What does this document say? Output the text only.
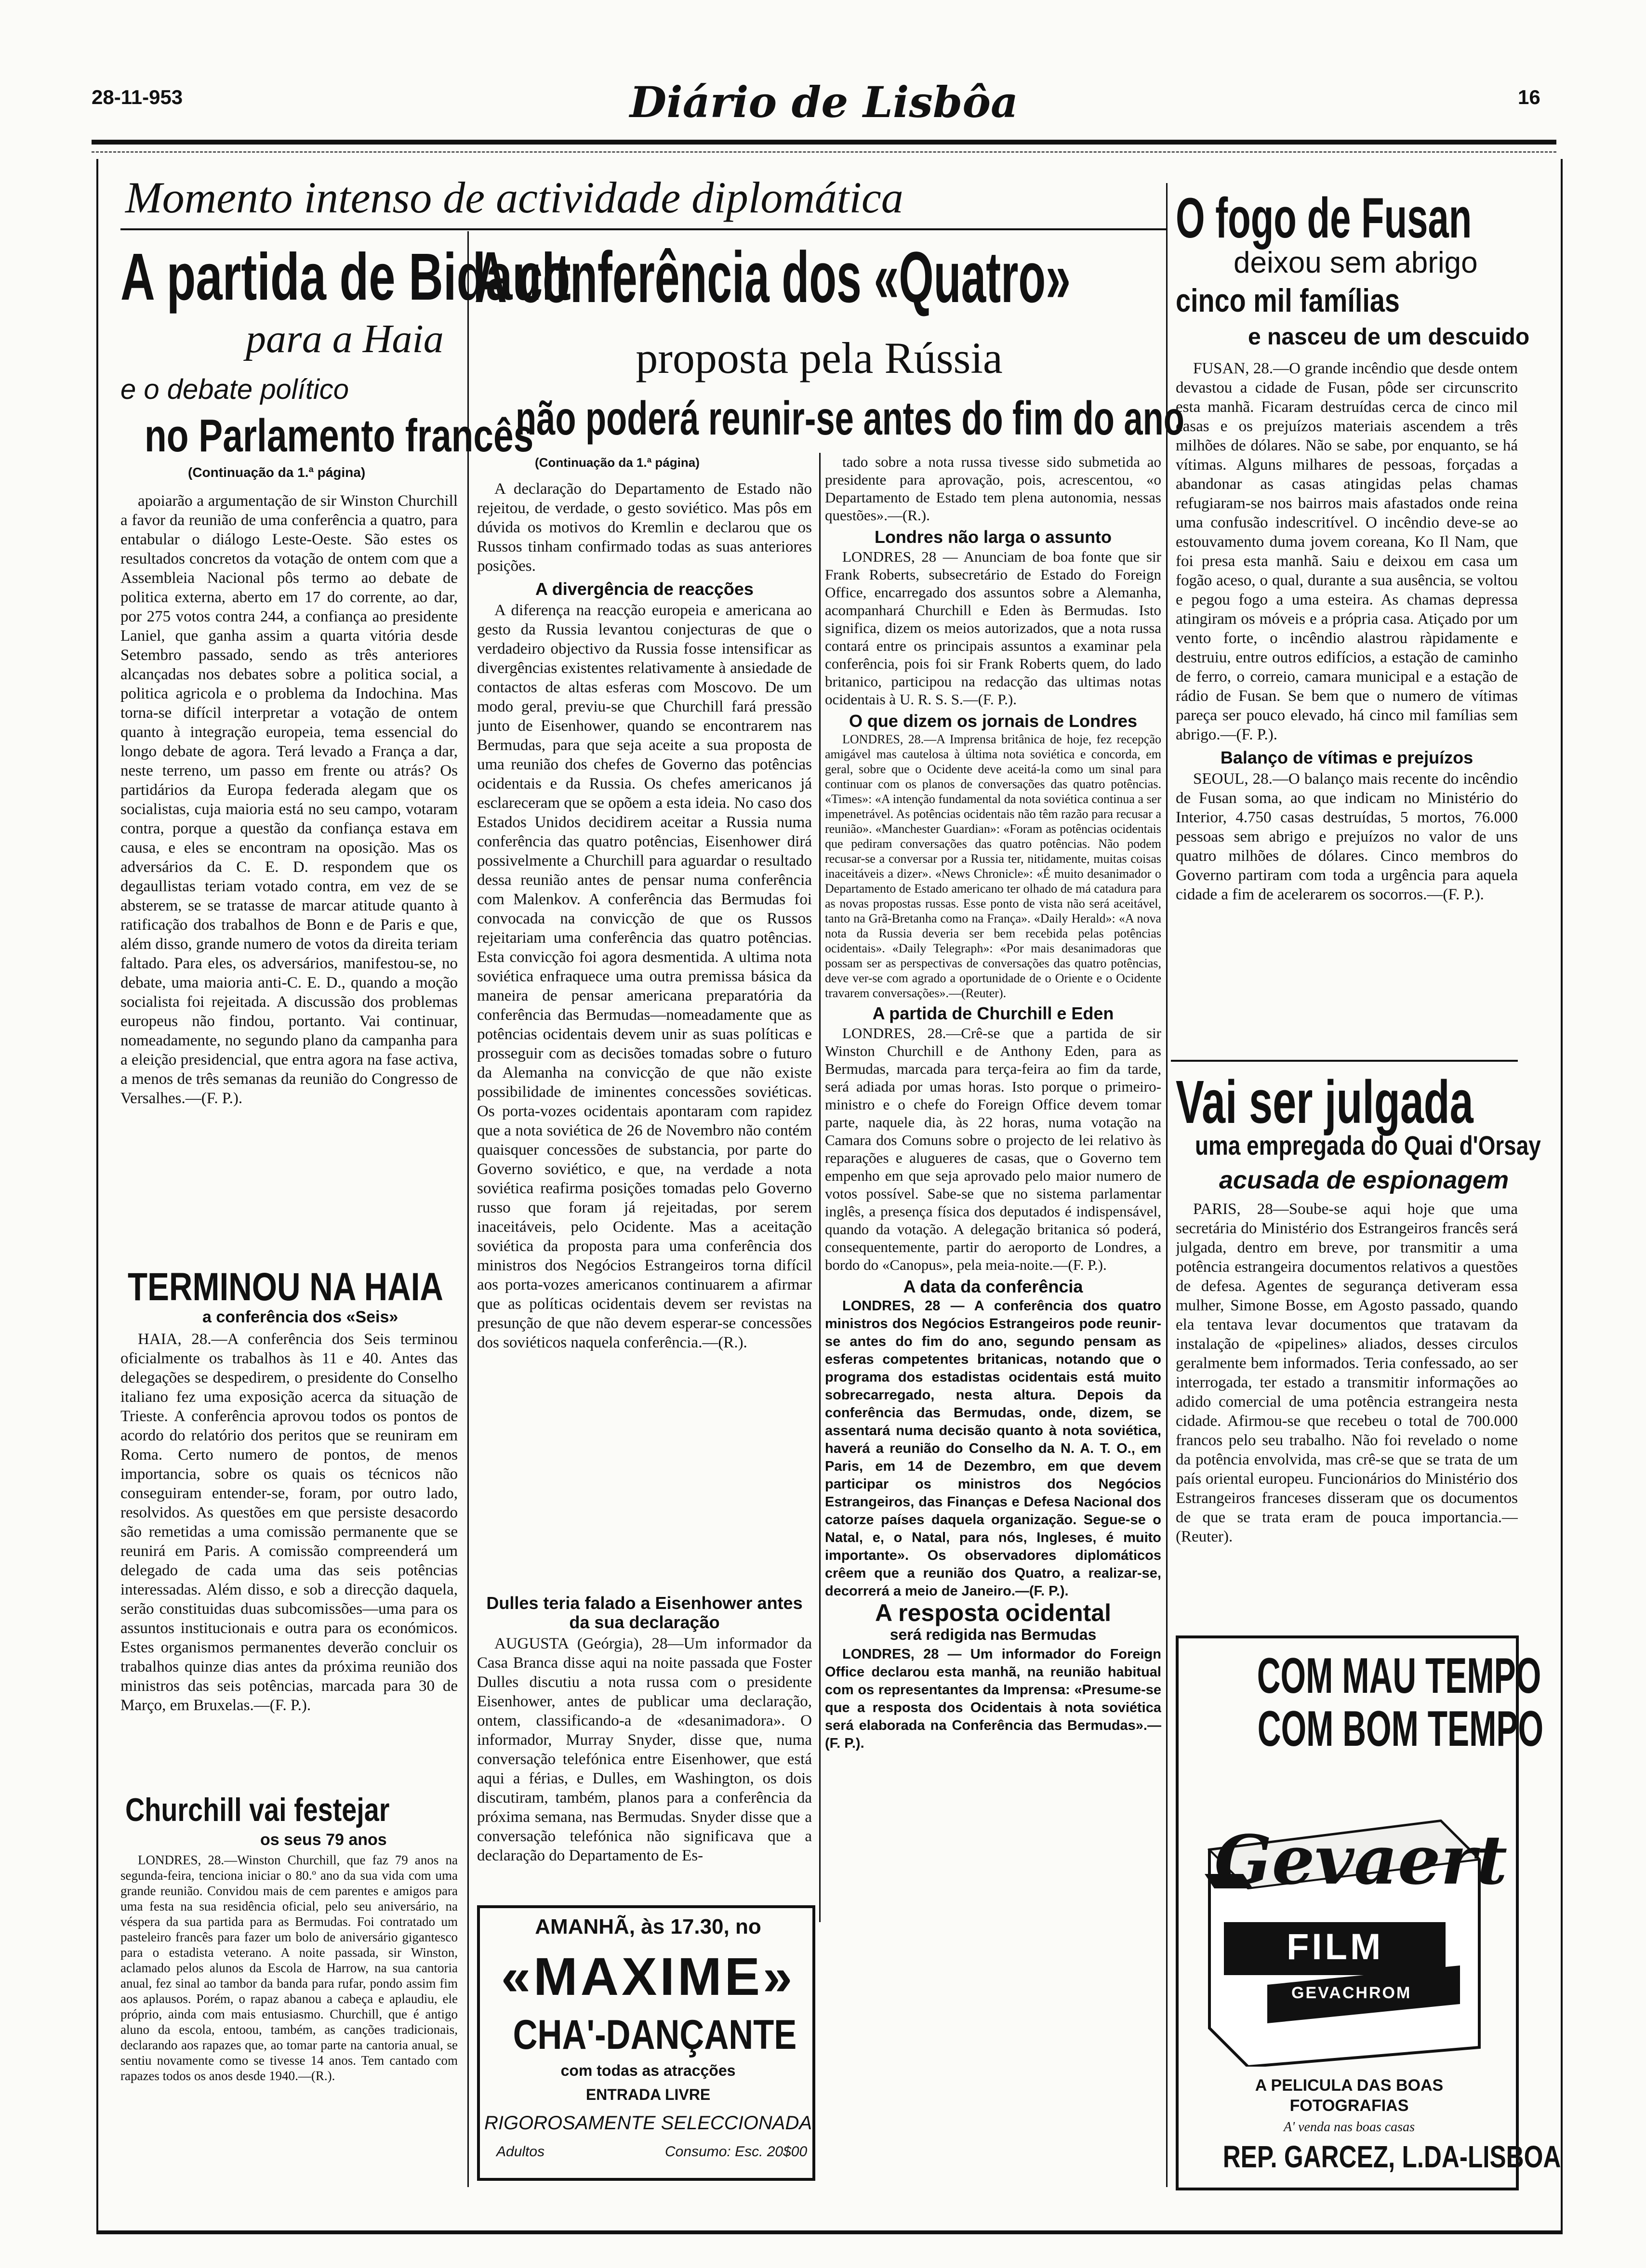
28-11-953	Diário de Lisbôa	16
Momento intenso de actividade diplomática
A partida de Bidault
para a Haia
e o debate político
no Parlamento francês
(Continuação da 1.ª página)

apoiarão a argumentação de sir Winston Churchill a favor da reunião de uma conferência a quatro, para entabular o diálogo Leste-Oeste. São estes os resultados concretos da votação de ontem com que a Assembleia Nacional pôs termo ao debate de politica externa, aberto em 17 do corrente, ao dar, por 275 votos contra 244, a confiança ao presidente Laniel, que ganha assim a quarta vitória desde Setembro passado, sendo as três anteriores alcançadas nos debates sobre a politica social, a politica agricola e o problema da Indochina. Mas torna-se difícil interpretar a votação de ontem quanto à integração europeia, tema essencial do longo debate de agora. Terá levado a França a dar, neste terreno, um passo em frente ou atrás? Os partidários da Europa federada alegam que os socialistas, cuja maioria está no seu campo, votaram contra, porque a questão da confiança estava em causa, e eles se encontram na oposição. Mas os adversários da C. E. D. respondem que os degaullistas teriam votado contra, em vez de se absterem, se se tratasse de marcar atitude quanto à ratificação dos trabalhos de Bonn e de Paris e que, além disso, grande numero de votos da direita teriam faltado. Para eles, os adversários, manifestou-se, no debate, uma maioria anti-C. E. D., quando a moção socialista foi rejeitada. A discussão dos problemas europeus não findou, portanto. Vai continuar, nomeadamente, no segundo plano da campanha para a eleição presidencial, que entra agora na fase activa, a menos de três semanas da reunião do Congresso de Versalhes.—(F. P.).

TERMINOU NA HAIA
a conferência dos «Seis»

HAIA, 28.—A conferência dos Seis terminou oficialmente os trabalhos às 11 e 40. Antes das delegações se despedirem, o presidente do Conselho italiano fez uma exposição acerca da situação de Trieste. A conferência aprovou todos os pontos de acordo do relatório dos peritos que se reuniram em Roma. Certo numero de pontos, de menos importancia, sobre os quais os técnicos não conseguiram entender-se, foram, por outro lado, resolvidos. As questões em que persiste desacordo são remetidas a uma comissão permanente que se reunirá em Paris. A comissão compreenderá um delegado de cada uma das seis potências interessadas. Além disso, e sob a direcção daquela, serão constituidas duas subcomissões—uma para os assuntos institucionais e outra para os económicos. Estes organismos permanentes deverão concluir os trabalhos quinze dias antes da próxima reunião dos ministros das seis potências, marcada para 30 de Março, em Bruxelas.—(F. P.).

Churchill vai festejar
os seus 79 anos

LONDRES, 28.—Winston Churchill, que faz 79 anos na segunda-feira, tenciona iniciar o 80.º ano da sua vida com uma grande reunião. Convidou mais de cem parentes e amigos para uma festa na sua residência oficial, pelo seu aniversário, na véspera da sua partida para as Bermudas. Foi contratado um pasteleiro francês para fazer um bolo de aniversário gigantesco para o estadista veterano. A noite passada, sir Winston, aclamado pelos alunos da Escola de Harrow, na sua cantoria anual, fez sinal ao tambor da banda para rufar, pondo assim fim aos aplausos. Porém, o rapaz abanou a cabeça e aplaudiu, ele próprio, ainda com mais entusiasmo. Churchill, que é antigo aluno da escola, entoou, também, as canções tradicionais, declarando aos rapazes que, ao tomar parte na cantoria anual, se sentiu novamente como se tivesse 14 anos. Tem cantado com rapazes todos os anos desde 1940.—(R.).

A conferência dos «Quatro»
proposta pela Rússia
não poderá reunir-se antes do fim do ano
(Continuação da 1.ª página)

A declaração do Departamento de Estado não rejeitou, de verdade, o gesto soviético. Mas pôs em dúvida os motivos do Kremlin e declarou que os Russos tinham confirmado todas as suas anteriores posições.

A divergência de reacções

A diferença na reacção europeia e americana ao gesto da Russia levantou conjecturas de que o verdadeiro objectivo da Russia fosse intensificar as divergências existentes relativamente à ansiedade de contactos de altas esferas com Moscovo. De um modo geral, previu-se que Churchill fará pressão junto de Eisenhower, quando se encontrarem nas Bermudas, para que seja aceite a sua proposta de uma reunião dos chefes de Governo das potências ocidentais e da Russia. Os chefes americanos já esclareceram que se opõem a esta ideia. No caso dos Estados Unidos decidirem aceitar a Russia numa conferência das quatro potências, Eisenhower dirá possivelmente a Churchill para aguardar o resultado dessa reunião antes de pensar numa conferência com Malenkov. A conferência das Bermudas foi convocada na convicção de que os Russos rejeitariam uma conferência das quatro potências. Esta convicção foi agora desmentida. A ultima nota soviética enfraquece uma outra premissa básica da maneira de pensar americana preparatória da conferência das Bermudas—nomeadamente que as potências ocidentais devem unir as suas políticas e prosseguir com as decisões tomadas sobre o futuro da Alemanha na convicção de que não existe possibilidade de iminentes concessões soviéticas. Os porta-vozes ocidentais apontaram com rapidez que a nota soviética de 26 de Novembro não contém quaisquer concessões de substancia, por parte do Governo soviético, e que, na verdade a nota soviética reafirma posições tomadas pelo Governo russo que foram já rejeitadas, por serem inaceitáveis, pelo Ocidente. Mas a aceitação soviética da proposta para uma conferência dos ministros dos Negócios Estrangeiros torna difícil aos porta-vozes americanos continuarem a afirmar que as políticas ocidentais devem ser revistas na presunção de que não devem esperar-se concessões dos soviéticos naquela conferência.—(R.).

Dulles teria falado a Eisenhower antes da sua declaração

AUGUSTA (Geórgia), 28—Um informador da Casa Branca disse aqui na noite passada que Foster Dulles discutiu a nota russa com o presidente Eisenhower, antes de publicar uma declaração, ontem, classificando-a de «desanimadora». O informador, Murray Snyder, disse que, numa conversação telefónica entre Eisenhower, que está aqui a férias, e Dulles, em Washington, os dois discutiram, também, planos para a conferência da próxima semana, nas Bermudas. Snyder disse que a conversação telefónica não significava que a declaração do Departamento de Es-

AMANHÃ, às 17.30, no
«MAXIME»
CHA'-DANÇANTE
com todas as atracções
ENTRADA LIVRE
RIGOROSAMENTE SELECCIONADA
Adultos	Consumo: Esc. 20$00

tado sobre a nota russa tivesse sido submetida ao presidente para aprovação, pois, acrescentou, «o Departamento de Estado tem plena autonomia, nessas questões».—(R.).

Londres não larga o assunto

LONDRES, 28 — Anunciam de boa fonte que sir Frank Roberts, subsecretário de Estado do Foreign Office, encarregado dos assuntos sobre a Alemanha, acompanhará Churchill e Eden às Bermudas. Isto significa, dizem os meios autorizados, que a nota russa contará entre os principais assuntos a examinar pela conferência, pois foi sir Frank Roberts quem, do lado britanico, participou na redacção das ultimas notas ocidentais à U. R. S. S.—(F. P.).

O que dizem os jornais de Londres

LONDRES, 28.—A Imprensa britânica de hoje, fez recepção amigável mas cautelosa à última nota soviética e concorda, em geral, sobre que o Ocidente deve aceitá-la como um sinal para continuar com os planos de conversações das quatro potências. «Times»: «A intenção fundamental da nota soviética continua a ser impenetrável. As potências ocidentais não têm razão para recusar a reunião». «Manchester Guardian»: «Foram as potências ocidentais que pediram conversações das quatro potências. Não podem recusar-se a conversar por a Russia ter, nitidamente, muitas coisas inaceitáveis a dizer». «News Chronicle»: «É muito desanimador o Departamento de Estado americano ter olhado de má catadura para as novas propostas russas. Esse ponto de vista não será aceitável, tanto na Grã-Bretanha como na França». «Daily Herald»: «A nova nota da Russia deveria ser bem recebida pelas potências ocidentais». «Daily Telegraph»: «Por mais desanimadoras que possam ser as perspectivas de conversações das quatro potências, deve ver-se com agrado a oportunidade de o Oriente e o Ocidente travarem conversações».—(Reuter).

A partida de Churchill e Eden

LONDRES, 28.—Crê-se que a partida de sir Winston Churchill e de Anthony Eden, para as Bermudas, marcada para terça-feira ao fim da tarde, será adiada por umas horas. Isto porque o primeiro-ministro e o chefe do Foreign Office devem tomar parte, naquele dia, às 22 horas, numa votação na Camara dos Comuns sobre o projecto de lei relativo às reparações e alugueres de casas, que o Governo tem empenho em que seja aprovado pelo maior numero de votos possível. Sabe-se que no sistema parlamentar inglês, a presença física dos deputados é indispensável, quando da votação. A delegação britanica só poderá, consequentemente, partir do aeroporto de Londres, a bordo do «Canopus», pela meia-noite.—(F. P.).

A data da conferência

LONDRES, 28 — A conferência dos quatro ministros dos Negócios Estrangeiros pode reunir-se antes do fim do ano, segundo pensam as esferas competentes britanicas, notando que o programa dos estadistas ocidentais está muito sobrecarregado, nesta altura. Depois da conferência das Bermudas, onde, dizem, se assentará numa decisão quanto à nota soviética, haverá a reunião do Conselho da N. A. T. O., em Paris, em 14 de Dezembro, em que devem participar os ministros dos Negócios Estrangeiros, das Finanças e Defesa Nacional dos catorze países daquela organização. Segue-se o Natal, e, o Natal, para nós, Ingleses, é muito importante». Os observadores diplomáticos crêem que a reunião dos Quatro, a realizar-se, decorrerá a meio de Janeiro.—(F. P.).

A resposta ocidental
será redigida nas Bermudas

LONDRES, 28 — Um informador do Foreign Office declarou esta manhã, na reunião habitual com os representantes da Imprensa: «Presume-se que a resposta dos Ocidentais à nota soviética será elaborada na Conferência das Bermudas».—(F. P.).

O fogo de Fusan
deixou sem abrigo
cinco mil famílias
e nasceu de um descuido

FUSAN, 28.—O grande incêndio que desde ontem devastou a cidade de Fusan, pôde ser circunscrito esta manhã. Ficaram destruídas cerca de cinco mil casas e os prejuízos materiais ascendem a três milhões de dólares. Não se sabe, por enquanto, se há vítimas. Alguns milhares de pessoas, forçadas a abandonar as casas atingidas pelas chamas refugiaram-se nos bairros mais afastados onde reina uma confusão indescritível. O incêndio deve-se ao estouvamento duma jovem coreana, Ko Il Nam, que foi presa esta manhã. Saiu e deixou em casa um fogão aceso, o qual, durante a sua ausência, se voltou e pegou fogo a uma esteira. As chamas depressa atingiram os móveis e a própria casa. Atiçado por um vento forte, o incêndio alastrou ràpidamente e destruiu, entre outros edifícios, a estação de caminho de ferro, o correio, camara municipal e a estação de rádio de Fusan. Se bem que o numero de vítimas pareça ser pouco elevado, há cinco mil famílias sem abrigo.—(F. P.).

Balanço de vítimas e prejuízos

SEOUL, 28.—O balanço mais recente do incêndio de Fusan soma, ao que indicam no Ministério do Interior, 4.750 casas destruídas, 5 mortos, 76.000 pessoas sem abrigo e prejuízos no valor de uns quatro milhões de dólares. Cinco membros do Governo partiram com toda a urgência para aquela cidade a fim de acelerarem os socorros.—(F. P.).

Vai ser julgada
uma empregada do Quai d'Orsay
acusada de espionagem

PARIS, 28—Soube-se aqui hoje que uma secretária do Ministério dos Estrangeiros francês será julgada, dentro em breve, por transmitir a uma potência estrangeira documentos relativos a questões de defesa. Agentes de segurança detiveram essa mulher, Simone Bosse, em Agosto passado, quando ela tentava levar documentos que tratavam da instalação de «pipelines» aliados, desses circulos geralmente bem informados. Teria confessado, ao ser interrogada, ter estado a transmitir informações ao adido comercial de uma potência estrangeira nesta cidade. Afirmou-se que recebeu o total de 700.000 francos pelo seu trabalho. Não foi revelado o nome da potência envolvida, mas crê-se que se trata de um país oriental europeu. Funcionários do Ministério dos Estrangeiros franceses disseram que os documentos de que se trata eram de pouca importancia.—(Reuter).

COM MAU TEMPO
COM BOM TEMPO
Gevaert
FILM
GEVACHROM
A PELICULA DAS BOAS
FOTOGRAFIAS
A' venda nas boas casas
REP. GARCEZ, L.DA-LISBOA
